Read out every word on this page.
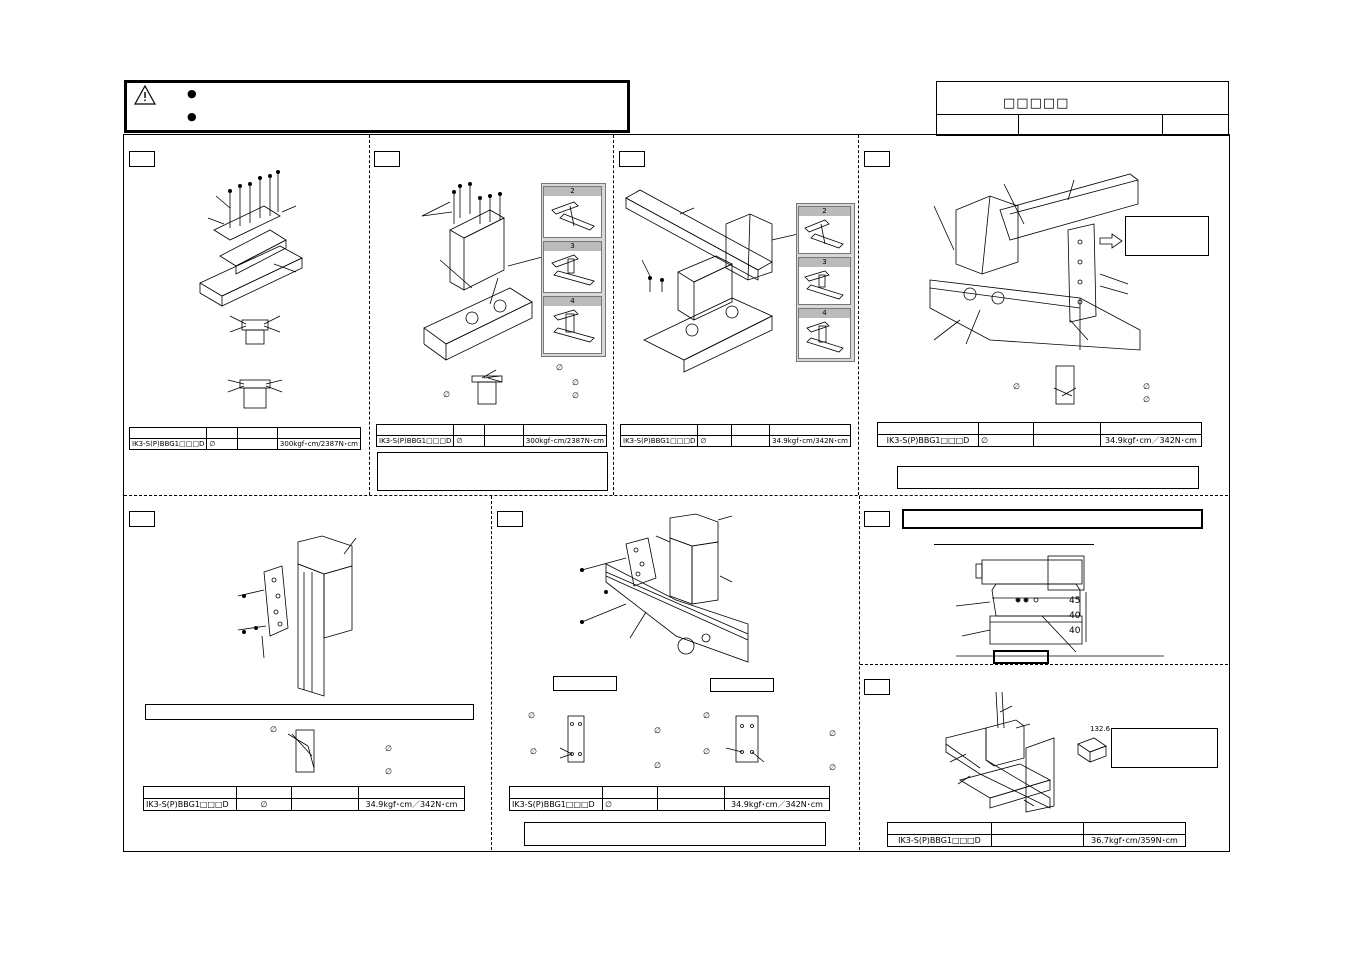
●
●
□□□□□

IK3-S(P)BBG1□□□D	∅		300kgf･cm/2387N･cm
2
3
4
∅
∅
∅	∅

IK3-S(P)BBG1□□□D	∅		300kgf･cm/2387N･cm
2
3
4

IK3-S(P)BBG1□□□D	∅		34.9kgf･cm/342N･cm
∅	∅
∅

IK3-S(P)BBG1□□□D	∅		34.9kgf･cm／342N･cm
∅
∅
∅

IK3-S(P)BBG1□□□D	∅		34.9kgf･cm／342N･cm
∅
∅
∅
∅
∅
∅
∅
∅

IK3-S(P)BBG1□□□D	∅		34.9kgf･cm／342N･cm
45
40
40
132.6

IK3-S(P)BBG1□□□D		36.7kgf･cm/359N･cm
